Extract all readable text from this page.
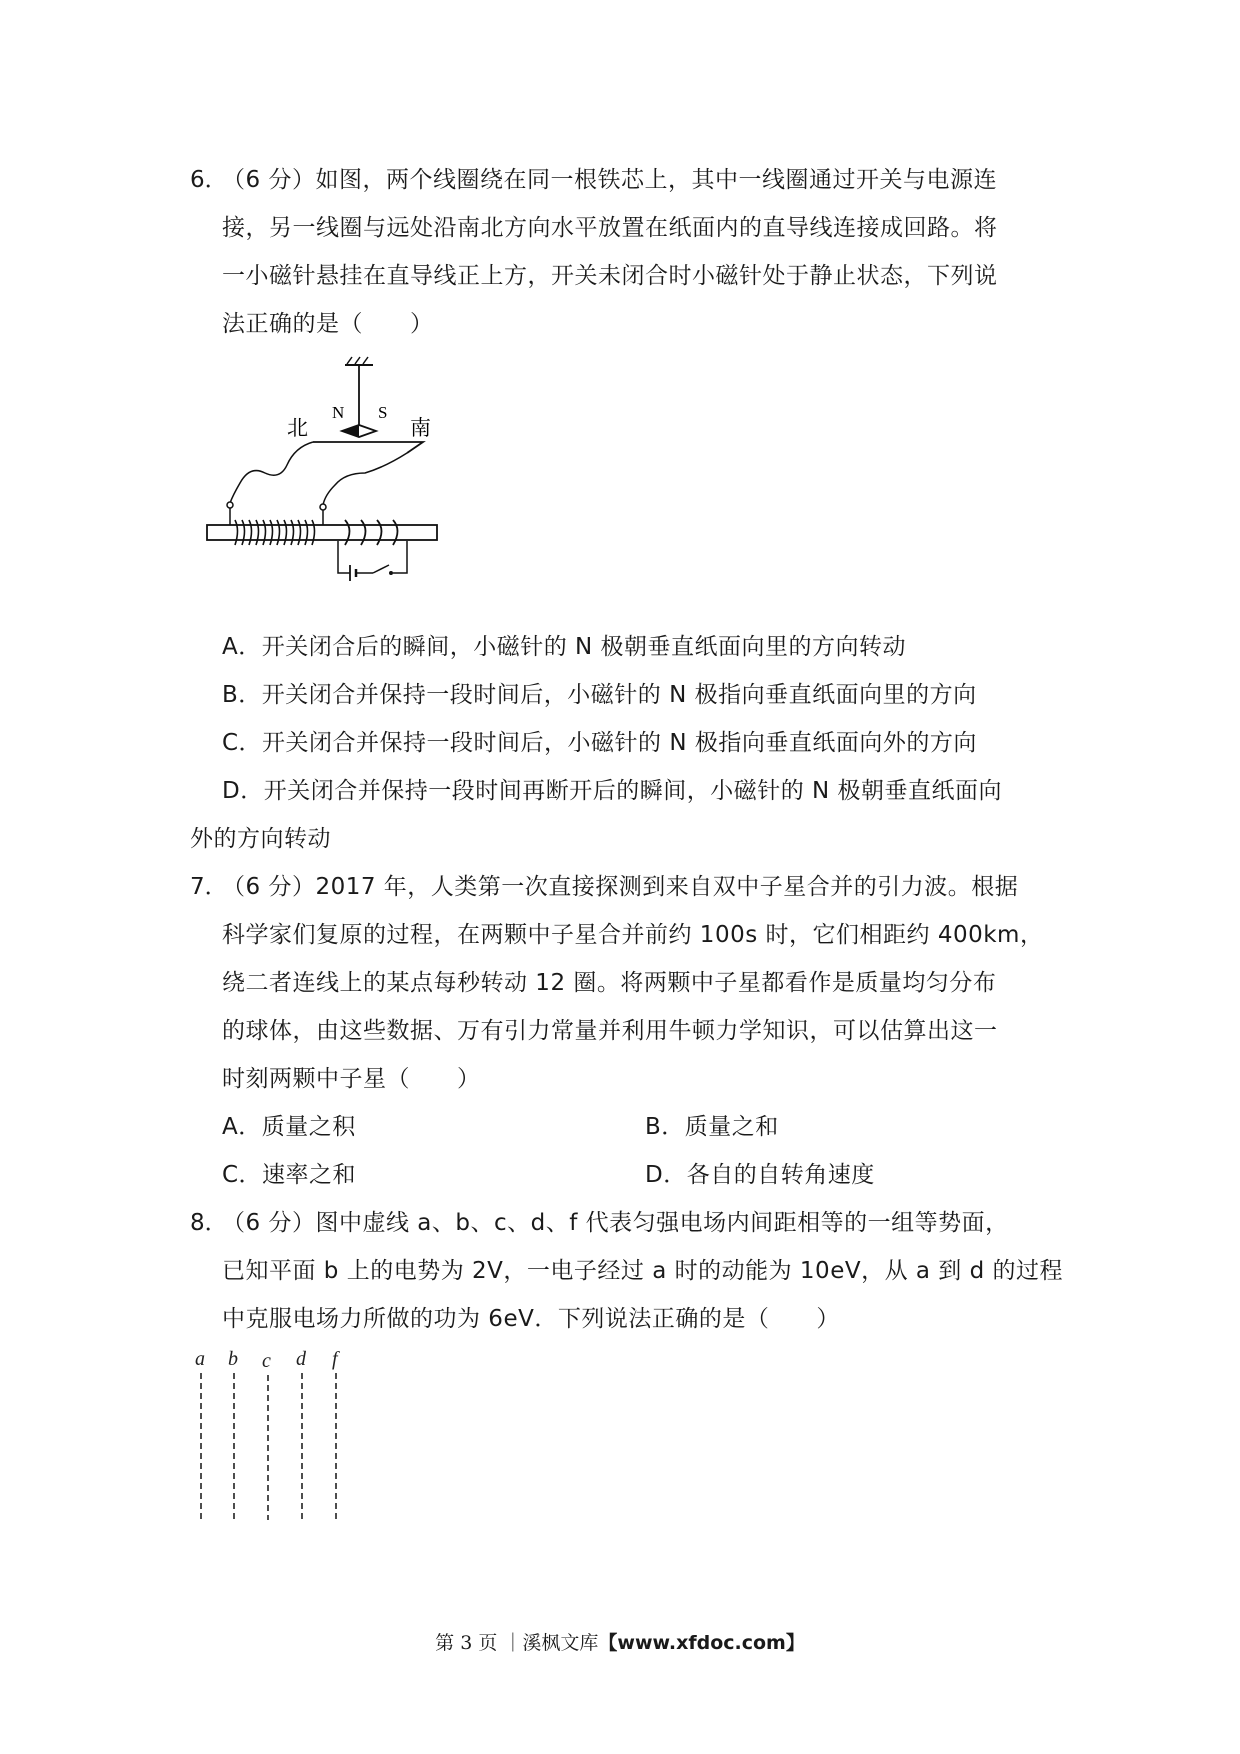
6．
（6 分）如图，两个线圈绕在同一根铁芯上，其中一线圈通过开关与电源连
接，另一线圈与远处沿南北方向水平放置在纸面内的直导线连接成回路。将
一小磁针悬挂在直导线正上方，开关未闭合时小磁针处于静止状态，下列说
法正确的是（　　）
N S
北	南
A．开关闭合后的瞬间，小磁针的 N 极朝垂直纸面向里的方向转动
B．开关闭合并保持一段时间后，小磁针的 N 极指向垂直纸面向里的方向
C．开关闭合并保持一段时间后，小磁针的 N 极指向垂直纸面向外的方向
D．开关闭合并保持一段时间再断开后的瞬间，小磁针的 N 极朝垂直纸面向
外的方向转动
7．
（6 分）2017 年，人类第一次直接探测到来自双中子星合并的引力波。根据
科学家们复原的过程，在两颗中子星合并前约 100s 时，它们相距约 400km，
绕二者连线上的某点每秒转动 12 圈。将两颗中子星都看作是质量均匀分布
的球体，由这些数据、万有引力常量并利用牛顿力学知识，可以估算出这一
时刻两颗中子星（　　）
A．质量之积	B．质量之和
C．速率之和	D．各自的自转角速度
8．
（6 分）图中虚线 a、b、c、d、f 代表匀强电场内间距相等的一组等势面，
已知平面 b 上的电势为 2V，一电子经过 a 时的动能为 10eV，从 a 到 d 的过程
中克服电场力所做的功为 6eV．下列说法正确的是（　　）
a b c d f
第 3 页 ｜溪枫文库【www.xfdoc.com】
